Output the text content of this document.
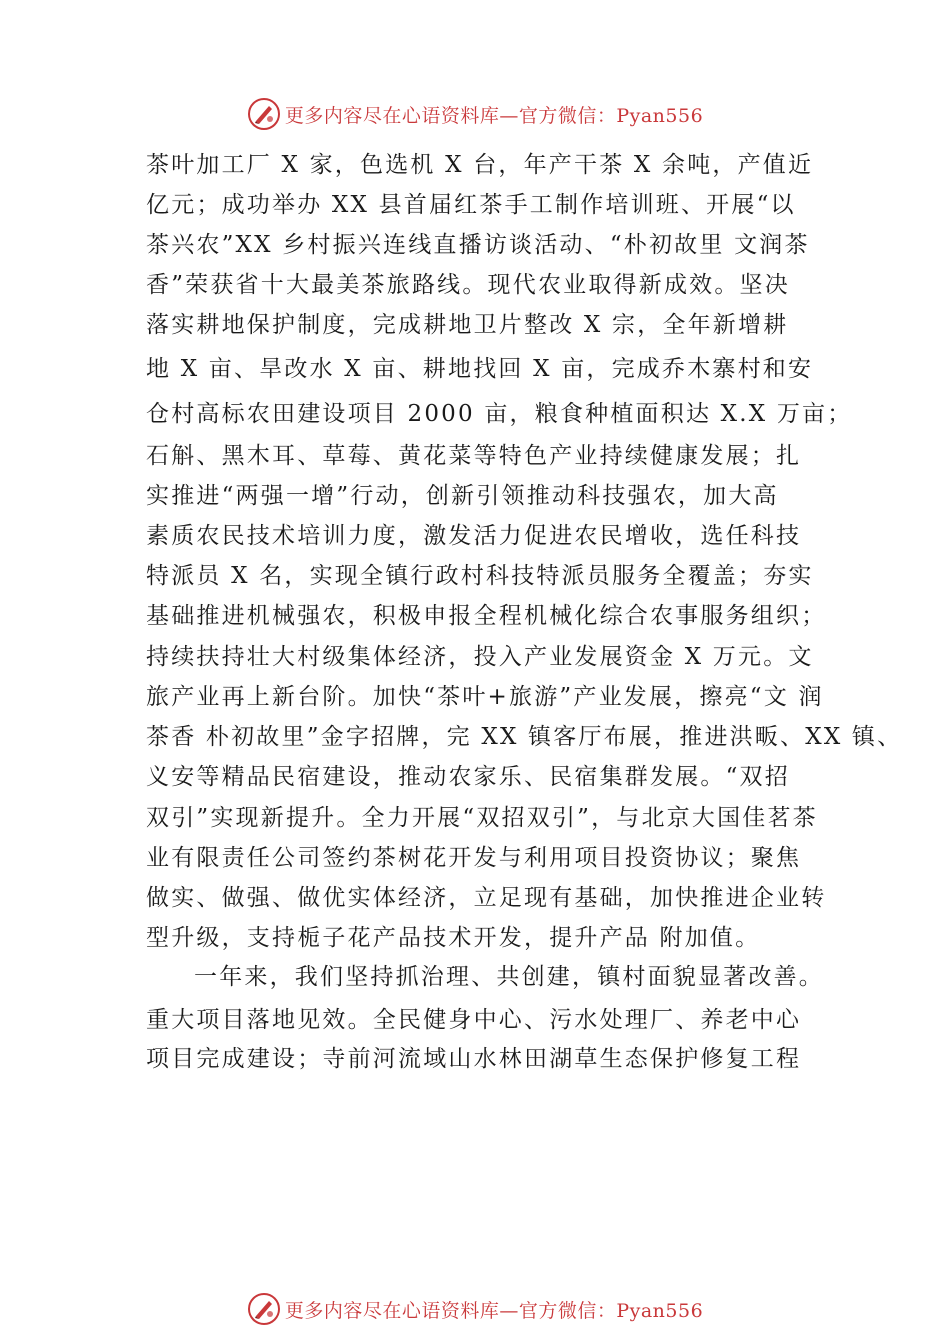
更多内容尽在心语资料库—官方微信：Pyan556
茶叶加工厂 X 家，色选机 X 台，年产干茶 X 余吨，产值近
亿元；成功举办 XX 县首届红茶手工制作培训班、开展“以
茶兴农”XX 乡村振兴连线直播访谈活动、“朴初故里 文润茶
香”荣获省十大最美茶旅路线。现代农业取得新成效。坚决
落实耕地保护制度，完成耕地卫片整改 X 宗，全年新增耕
地 X 亩、旱改水 X 亩、耕地找回 X 亩，完成乔木寨村和安
仓村高标农田建设项目 2000 亩，粮食种植面积达 X.X 万亩；
石斛、黑木耳、草莓、黄花菜等特色产业持续健康发展；扎
实推进“两强一增”行动，创新引领推动科技强农，加大高
素质农民技术培训力度，激发活力促进农民增收，选任科技
特派员 X 名，实现全镇行政村科技特派员服务全覆盖；夯实
基础推进机械强农，积极申报全程机械化综合农事服务组织；
持续扶持壮大村级集体经济，投入产业发展资金 X 万元。文
旅产业再上新台阶。加快“茶叶+旅游”产业发展，擦亮“文 润
茶香 朴初故里”金字招牌，完 XX 镇客厅布展，推进洪畈、XX 镇、
义安等精品民宿建设，推动农家乐、民宿集群发展。“双招
双引”实现新提升。全力开展“双招双引”，与北京大国佳茗茶
业有限责任公司签约茶树花开发与利用项目投资协议；聚焦
做实、做强、做优实体经济，立足现有基础，加快推进企业转
型升级，支持栀子花产品技术开发，提升产品 附加值。
一年来，我们坚持抓治理、共创建，镇村面貌显著改善。
重大项目落地见效。全民健身中心、污水处理厂、养老中心
项目完成建设；寺前河流域山水林田湖草生态保护修复工程
更多内容尽在心语资料库—官方微信：Pyan556
